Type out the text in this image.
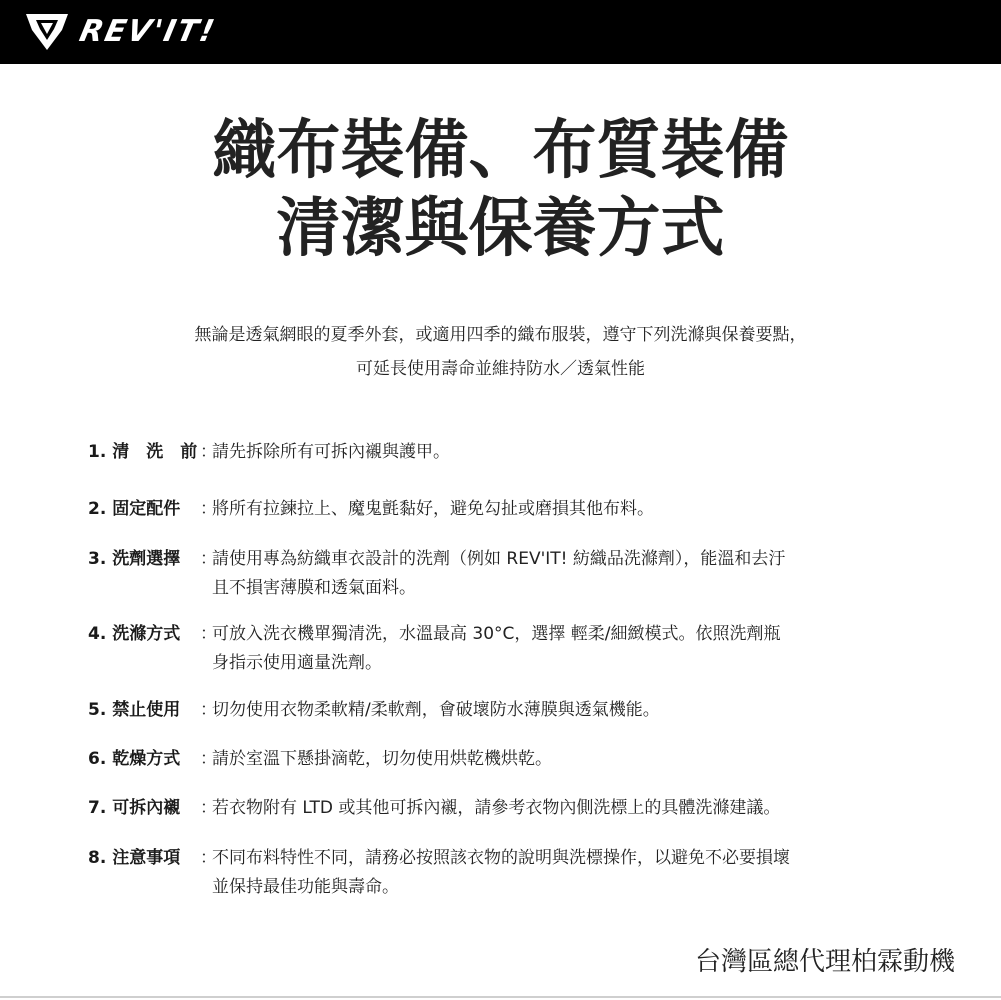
REV'IT!
織布裝備、布質裝備
清潔與保養方式
無論是透氣網眼的夏季外套，或適用四季的織布服裝，遵守下列洗滌與保養要點，
可延長使用壽命並維持防水／透氣性能
1. 清　洗　前 ：
請先拆除所有可拆內襯與護甲。
2. 固定配件	：
將所有拉鍊拉上、魔鬼氈黏好，避免勾扯或磨損其他布料。
3. 洗劑選擇	：
請使用專為紡織車衣設計的洗劑（例如 REV'IT! 紡織品洗滌劑），能溫和去汙
且不損害薄膜和透氣面料。
4. 洗滌方式	：
可放入洗衣機單獨清洗，水溫最高 30°C，選擇 輕柔/細緻模式。依照洗劑瓶
身指示使用適量洗劑。
5. 禁止使用	：
切勿使用衣物柔軟精/柔軟劑，會破壞防水薄膜與透氣機能。
6. 乾燥方式	：
請於室溫下懸掛滴乾，切勿使用烘乾機烘乾。
7. 可拆內襯	：
若衣物附有 LTD 或其他可拆內襯，請參考衣物內側洗標上的具體洗滌建議。
8. 注意事項	：
不同布料特性不同，請務必按照該衣物的說明與洗標操作，以避免不必要損壞
並保持最佳功能與壽命。
台灣區總代理柏霖動機
